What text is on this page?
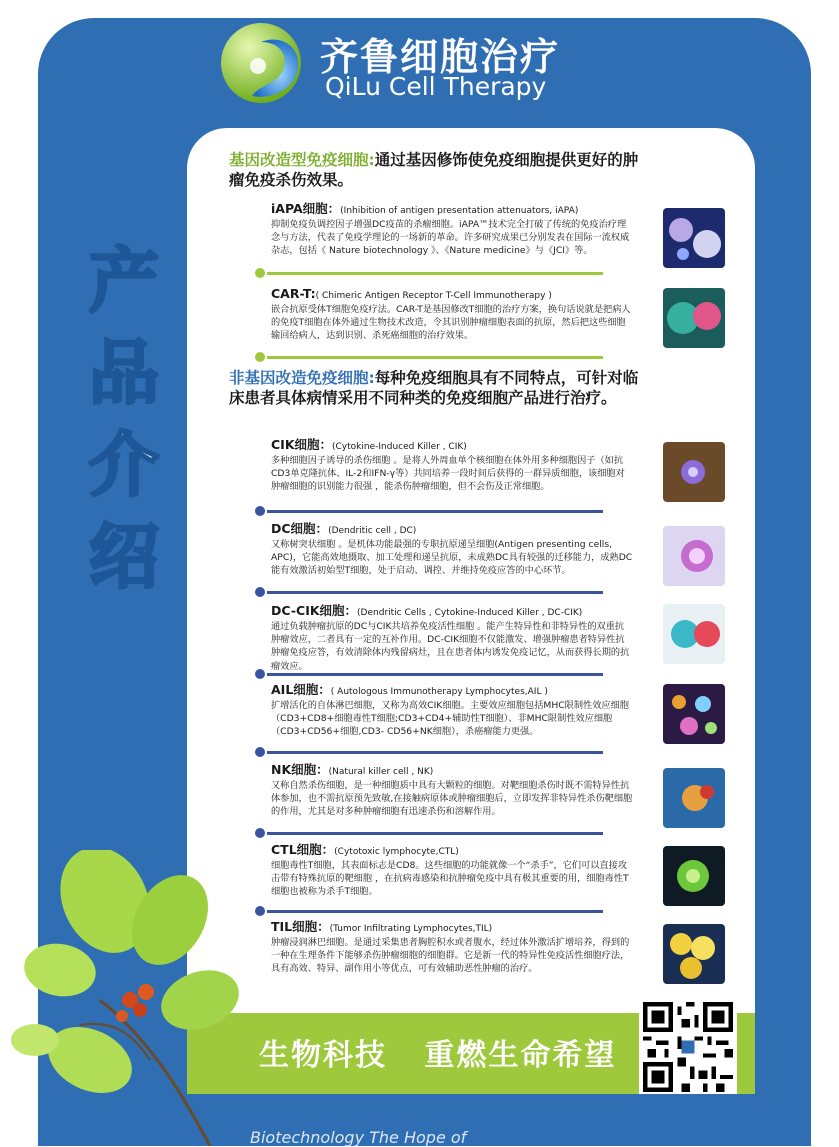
齐鲁细胞治疗
QiLu Cell Therapy
产
品
介
绍
基因改造型免疫细胞:通过基因修饰使免疫细胞提供更好的肿瘤免疫杀伤效果。
iAPA细胞：(Inhibition of antigen presentation attenuators, iAPA)
抑制免疫负调控因子增强DC疫苗的杀瘤细胞。iAPA™技术完全打破了传统的免疫治疗理念与方法，代表了免疫学理论的一场新的革命。许多研究成果已分别发表在国际一流权威杂志，包括《 Nature biotechnology 》、《Nature medicine》与《JCI》等。
CAR-T:( Chimeric Antigen Receptor T-Cell Immunotherapy )
嵌合抗原受体T细胞免疫疗法。CAR-T是基因修改T细胞的治疗方案，换句话说就是把病人的免疫T细胞在体外通过生物技术改造，令其识别肿瘤细胞表面的抗原，然后把这些细胞输回给病人，达到识别、杀死癌细胞的治疗效果。
非基因改造免疫细胞:每种免疫细胞具有不同特点，可针对临床患者具体病情采用不同种类的免疫细胞产品进行治疗。
CIK细胞：(Cytokine-Induced Killer , CIK)
多种细胞因子诱导的杀伤细胞 。是将人外周血单个核细胞在体外用多种细胞因子（如抗CD3单克隆抗体、IL-2和IFN-γ等）共同培养一段时间后获得的一群异质细胞，该细胞对肿瘤细胞的识别能力很强 ，能杀伤肿瘤细胞，但不会伤及正常细胞。
DC细胞：(Dendritic cell , DC)
又称树突状细胞 。是机体功能最强的专职抗原递呈细胞(Antigen presenting cells, APC)，它能高效地摄取、加工处理和递呈抗原，未成熟DC具有较强的迁移能力，成熟DC能有效激活初始型T细胞，处于启动、调控、并维持免疫应答的中心环节。
DC-CIK细胞：(Dendritic Cells , Cytokine-Induced Killer , DC-CIK)
通过负载肿瘤抗原的DC与CIK共培养免疫活性细胞 。能产生特异性和非特异性的双重抗肿瘤效应，二者具有一定的互补作用。DC-CIK细胞不仅能激发、增强肿瘤患者特异性抗肿瘤免疫应答，有效清除体内残留病灶，且在患者体内诱发免疫记忆，从而获得长期的抗瘤效应。
AIL细胞：( Autologous Immunotherapy Lymphocytes,AIL )
扩增活化的自体淋巴细胞，又称为高效CIK细胞。主要效应细胞包括MHC限制性效应细胞（CD3+CD8+细胞毒性T细胞;CD3+CD4+辅助性T细胞）、非MHC限制性效应细胞（CD3+CD56+细胞,CD3- CD56+NK细胞），杀癌瘤能力更强。
NK细胞：(Natural killer cell , NK)
又称自然杀伤细胞，是一种细胞质中具有大颗粒的细胞。对靶细胞杀伤时既不需特异性抗体参加，也不需抗原预先致敏,在接触病原体或肿瘤细胞后，立即发挥非特异性杀伤靶细胞的作用，尤其是对多种肿瘤细胞有迅速杀伤和溶解作用。
CTL细胞：(Cytotoxic lymphocyte,CTL)
细胞毒性T细胞，其表面标志是CD8。这些细胞的功能就像一个“杀手”，它们可以直接攻击带有特殊抗原的靶细胞 ，在抗病毒感染和抗肿瘤免疫中具有极其重要的用，细胞毒性T细胞也被称为杀手T细胞。
TIL细胞：(Tumor Infiltrating Lymphocytes,TIL)
肿瘤浸润淋巴细胞。是通过采集患者胸腔积水或者腹水，经过体外激活扩增培养，得到的一种在生理条件下能够杀伤肿瘤细胞的细胞群。它是新一代的特异性免疫活性细胞疗法，具有高效、特异、副作用小等优点，可有效辅助恶性肿瘤的治疗。
生物科技   重燃生命希望
Biotechnology The Hope of
